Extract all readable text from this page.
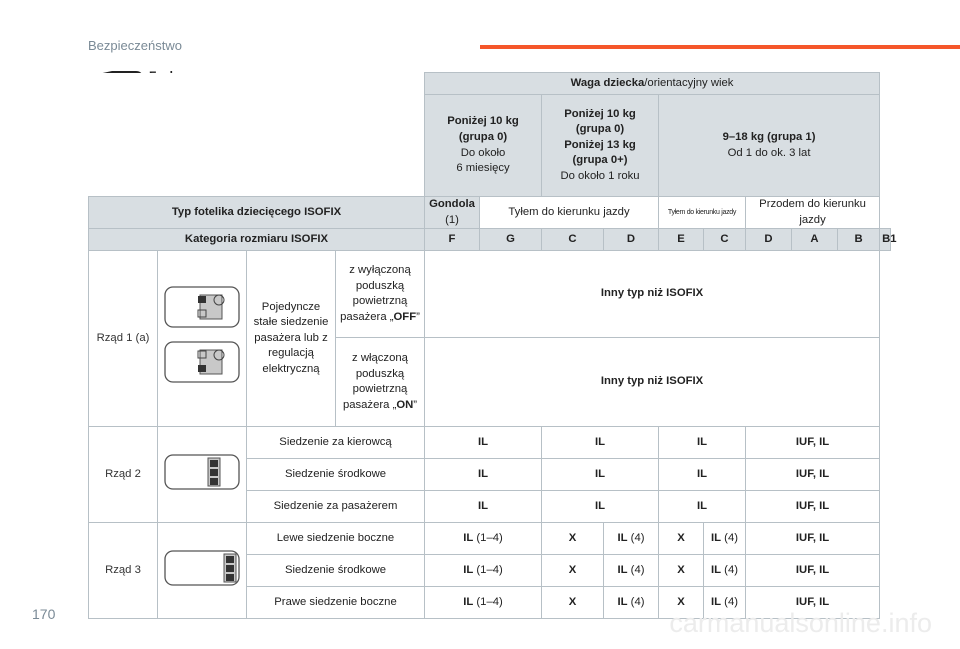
Bezpieczeństwo
				Waga dziecka/orientacyjny wiek									
				Poniżej 10 kg
(grupa 0)
Do około
6 miesięcy		Poniżej 10 kg
(grupa 0)
Poniżej 13 kg
(grupa 0+)
Do około 1 roku		9–18 kg (grupa 1)
Od 1 do ok. 3 lat					
Typ fotelika dziecięcego ISOFIX				Gondola (1)	Tyłem do kierunku jazdy			Tyłem do kierunku jazdy		Przodem do kierunku jazdy			
Kategoria rozmiaru ISOFIX				F	G	C	D	E	C	D	A	B	B1
Rząd 1 (a)		Pojedyncze stałe siedzenie pasażera lub z regulacją elektryczną	z wyłączoną poduszką powietrzną pasażera „OFF”	Inny typ niż ISOFIX									
			z włączoną poduszką powietrzną pasażera „ON”	Inny typ niż ISOFIX									
Rząd 2		Siedzenie za kierowcą		IL		IL		IL		IUF, IL			
		Siedzenie środkowe		IL		IL		IL		IUF, IL			
		Siedzenie za pasażerem		IL		IL		IL		IUF, IL			
Rząd 3		Lewe siedzenie boczne		IL (1–4)		X	IL (4)	X	IL (4)	IUF, IL			
		Siedzenie środkowe		IL (1–4)		X	IL (4)	X	IL (4)	IUF, IL			
		Prawe siedzenie boczne		IL (1–4)		X	IL (4)	X	IL (4)	IUF, IL			
170	carmanualsonline.info
